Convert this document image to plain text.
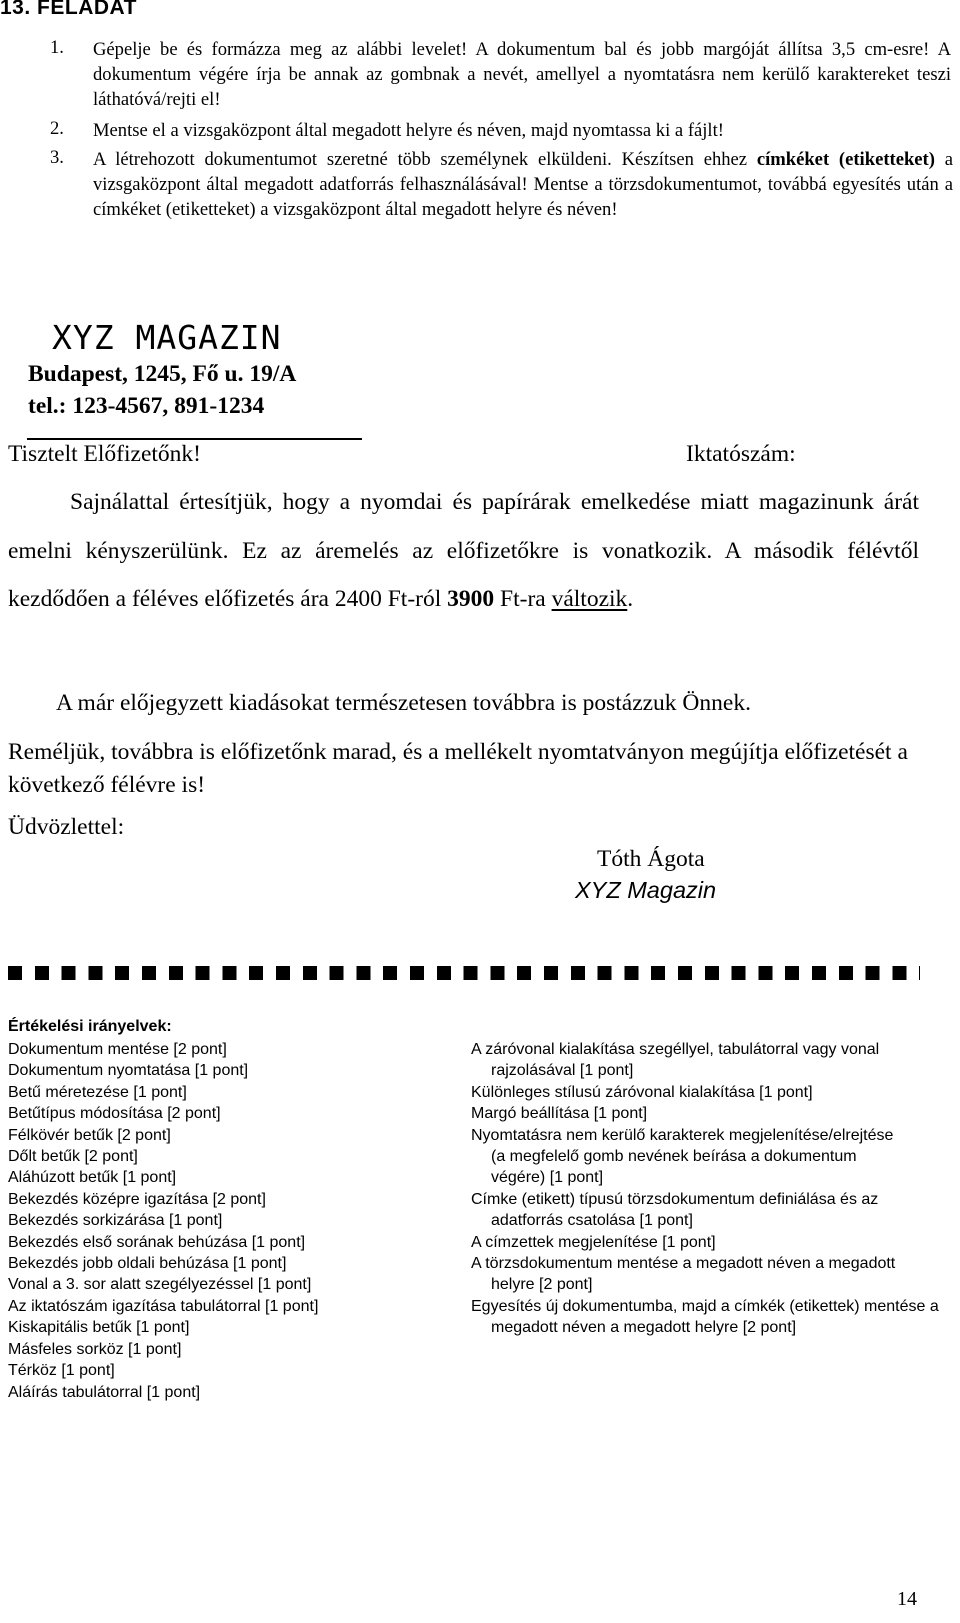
13. FELADAT
1. Gépelje be és formázza meg az alábbi levelet! A dokumentum bal és jobb margóját állítsa 3,5 cm-esre! A dokumentum végére írja be annak az gombnak a nevét, amellyel a nyomtatásra nem kerülő karaktereket teszi láthatóvá/rejti el!
2. Mentse el a vizsgaközpont által megadott helyre és néven, majd nyomtassa ki a fájlt!
3. A létrehozott dokumentumot szeretné több személynek elküldeni. Készítsen ehhez címkéket (etiketteket) a vizsgaközpont által megadott adatforrás felhasználásával! Mentse a törzsdokumentumot, továbbá egyesítés után a címkéket (etiketteket) a vizsgaközpont által megadott helyre és néven!
XYZ MAGAZIN
Budapest, 1245, Fő u. 19/A
tel.: 123-4567, 891-1234
Tisztelt Előfizetőnk!	Iktatószám:
Sajnálattal értesítjük, hogy a nyomdai és papírárak emelkedése miatt magazinunk árát emelni kényszerülünk. Ez az áremelés az előfizetőkre is vonatkozik. A második félévtől kezdődően a féléves előfizetés ára 2400 Ft-ról 3900 Ft-ra változik.
A már előjegyzett kiadásokat természetesen továbbra is postázzuk Önnek.
Reméljük, továbbra is előfizetőnk marad, és a mellékelt nyomtatványon megújítja előfizetését a következő félévre is!
Üdvözlettel:
Tóth Ágota
XYZ Magazin
Értékelési irányelvek:
Dokumentum mentése [2 pont]
Dokumentum nyomtatása [1 pont]
Betű méretezése [1 pont]
Betűtípus módosítása [2 pont]
Félkövér betűk [2 pont]
Dőlt betűk [2 pont]
Aláhúzott betűk [1 pont]
Bekezdés középre igazítása [2 pont]
Bekezdés sorkizárása [1 pont]
Bekezdés első sorának behúzása [1 pont]
Bekezdés jobb oldali behúzása [1 pont]
Vonal a 3. sor alatt szegélyezéssel [1 pont]
Az iktatószám igazítása tabulátorral [1 pont]
Kiskapitális betűk [1 pont]
Másfeles sorköz [1 pont]
Térköz [1 pont]
Aláírás tabulátorral [1 pont]
A záróvonal kialakítása szegéllyel, tabulátorral vagy vonal rajzolásával [1 pont]
Különleges stílusú záróvonal kialakítása [1 pont]
Margó beállítása [1 pont]
Nyomtatásra nem kerülő karakterek megjelenítése/elrejtése (a megfelelő gomb nevének beírása a dokumentum végére) [1 pont]
Címke (etikett) típusú törzsdokumentum definiálása és az adatforrás csatolása [1 pont]
A címzettek megjelenítése [1 pont]
A törzsdokumentum mentése a megadott néven a megadott helyre [2 pont]
Egyesítés új dokumentumba, majd a címkék (etikettek) mentése a megadott néven a megadott helyre [2 pont]
14
